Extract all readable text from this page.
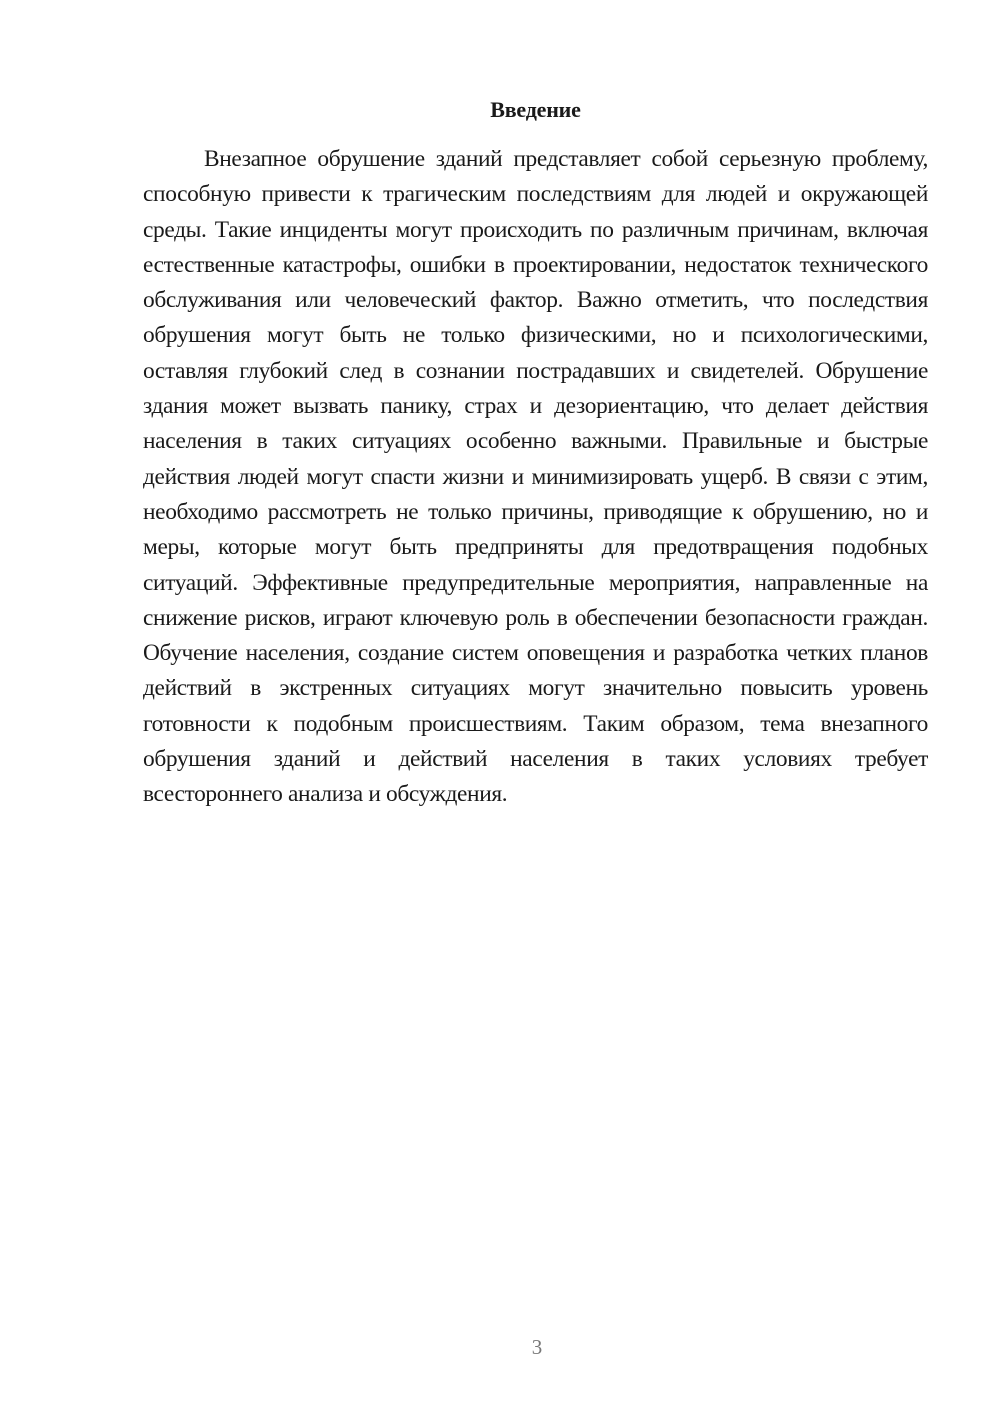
Введение

Внезапное обрушение зданий представляет собой серьезную проблему, способную привести к трагическим последствиям для людей и окружающей среды. Такие инциденты могут происходить по различным причинам, включая естественные катастрофы, ошибки в проектировании, недостаток технического обслуживания или человеческий фактор. Важно отметить, что последствия обрушения могут быть не только физическими, но и психологическими, оставляя глубокий след в сознании пострадавших и свидетелей. Обрушение здания может вызвать панику, страх и дезориентацию, что делает действия населения в таких ситуациях особенно важными. Правильные и быстрые действия людей могут спасти жизни и минимизировать ущерб. В связи с этим, необходимо рассмотреть не только причины, приводящие к обрушению, но и меры, которые могут быть предприняты для предотвращения подобных ситуаций. Эффективные предупредительные мероприятия, направленные на снижение рисков, играют ключевую роль в обеспечении безопасности граждан. Обучение населения, создание систем оповещения и разработка четких планов действий в экстренных ситуациях могут значительно повысить уровень готовности к подобным происшествиям. Таким образом, тема внезапного обрушения зданий и действий населения в таких условиях требует всестороннего анализа и обсуждения.

3
